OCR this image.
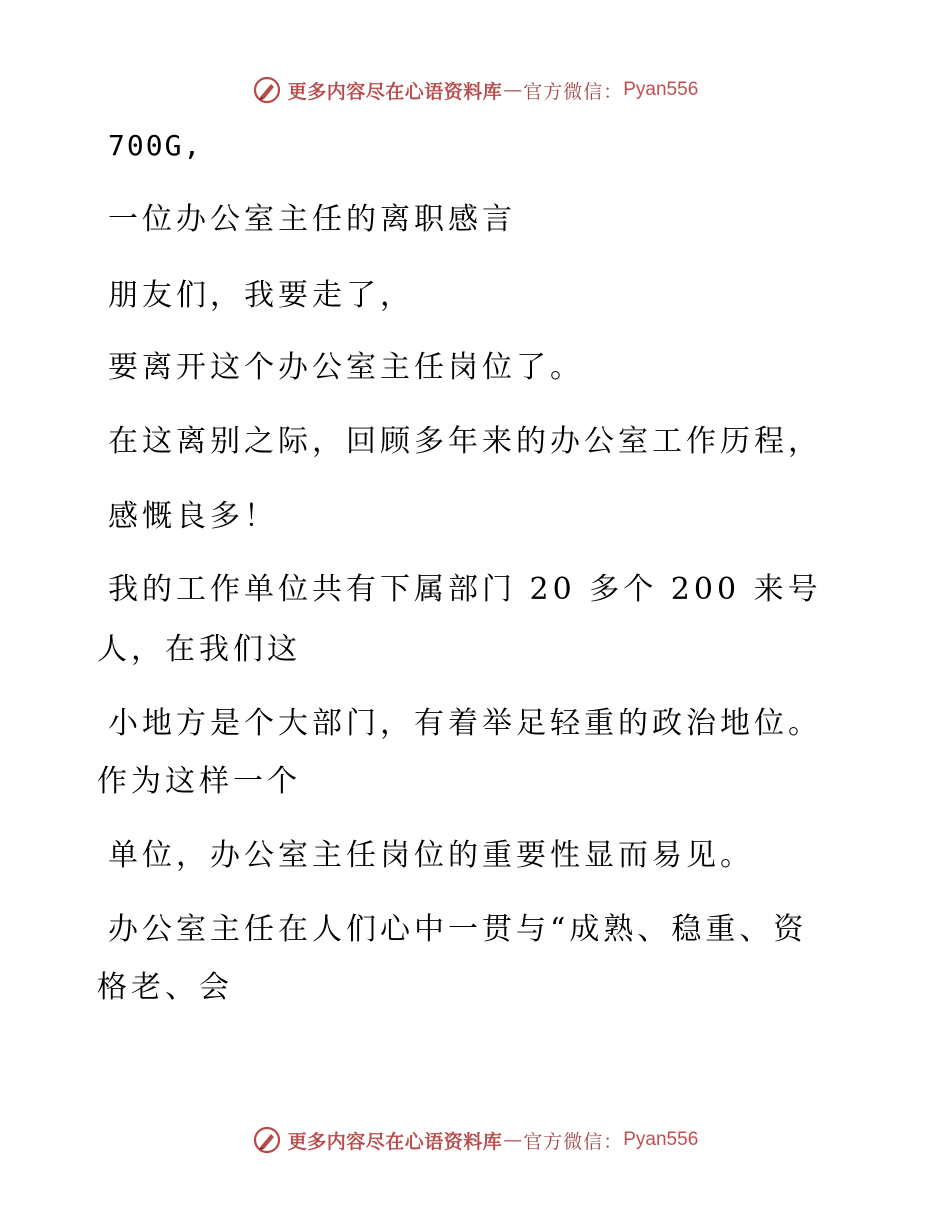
更多内容尽在心语资料库 — 官方微信： Pyan556
700G,
一位办公室主任的离职感言
朋友们，我要走了，
要离开这个办公室主任岗位了。
在这离别之际，回顾多年来的办公室工作历程，
感慨良多！
我的工作单位共有下属部门 20 多个 200 来号
人，在我们这
小地方是个大部门，有着举足轻重的政治地位。
作为这样一个
单位，办公室主任岗位的重要性显而易见。
办公室主任在人们心中一贯与“成熟、稳重、资
格老、会
更多内容尽在心语资料库 — 官方微信： Pyan556
